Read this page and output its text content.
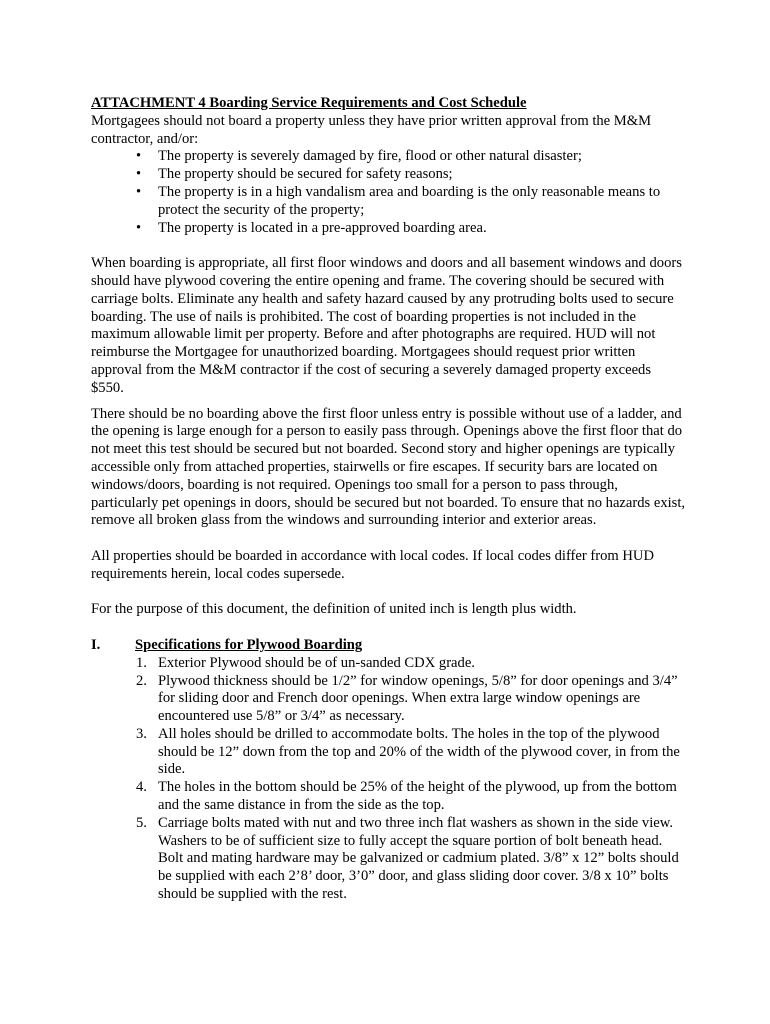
ATTACHMENT 4 Boarding Service Requirements and Cost Schedule

Mortgagees should not board a property unless they have prior written approval from the M&M contractor, and/or:

• The property is severely damaged by fire, flood or other natural disaster;
• The property should be secured for safety reasons;
• The property is in a high vandalism area and boarding is the only reasonable means to protect the security of the property;
• The property is located in a pre-approved boarding area.

When boarding is appropriate, all first floor windows and doors and all basement windows and doors should have plywood covering the entire opening and frame. The covering should be secured with carriage bolts. Eliminate any health and safety hazard caused by any protruding bolts used to secure boarding. The use of nails is prohibited. The cost of boarding properties is not included in the maximum allowable limit per property. Before and after photographs are required. HUD will not reimburse the Mortgagee for unauthorized boarding. Mortgagees should request prior written approval from the M&M contractor if the cost of securing a severely damaged property exceeds $550.

There should be no boarding above the first floor unless entry is possible without use of a ladder, and the opening is large enough for a person to easily pass through. Openings above the first floor that do not meet this test should be secured but not boarded. Second story and higher openings are typically accessible only from attached properties, stairwells or fire escapes. If security bars are located on windows/doors, boarding is not required. Openings too small for a person to pass through, particularly pet openings in doors, should be secured but not boarded. To ensure that no hazards exist, remove all broken glass from the windows and surrounding interior and exterior areas.

All properties should be boarded in accordance with local codes. If local codes differ from HUD requirements herein, local codes supersede.

For the purpose of this document, the definition of united inch is length plus width.

I.	Specifications for Plywood Boarding
1. Exterior Plywood should be of un-sanded CDX grade.
2. Plywood thickness should be 1/2” for window openings, 5/8” for door openings and 3/4” for sliding door and French door openings. When extra large window openings are encountered use 5/8” or 3/4” as necessary.
3. All holes should be drilled to accommodate bolts. The holes in the top of the plywood should be 12” down from the top and 20% of the width of the plywood cover, in from the side.
4. The holes in the bottom should be 25% of the height of the plywood, up from the bottom and the same distance in from the side as the top.
5. Carriage bolts mated with nut and two three inch flat washers as shown in the side view. Washers to be of sufficient size to fully accept the square portion of bolt beneath head. Bolt and mating hardware may be galvanized or cadmium plated. 3/8” x 12” bolts should be supplied with each 2’8’ door, 3’0” door, and glass sliding door cover. 3/8 x 10” bolts should be supplied with the rest.
